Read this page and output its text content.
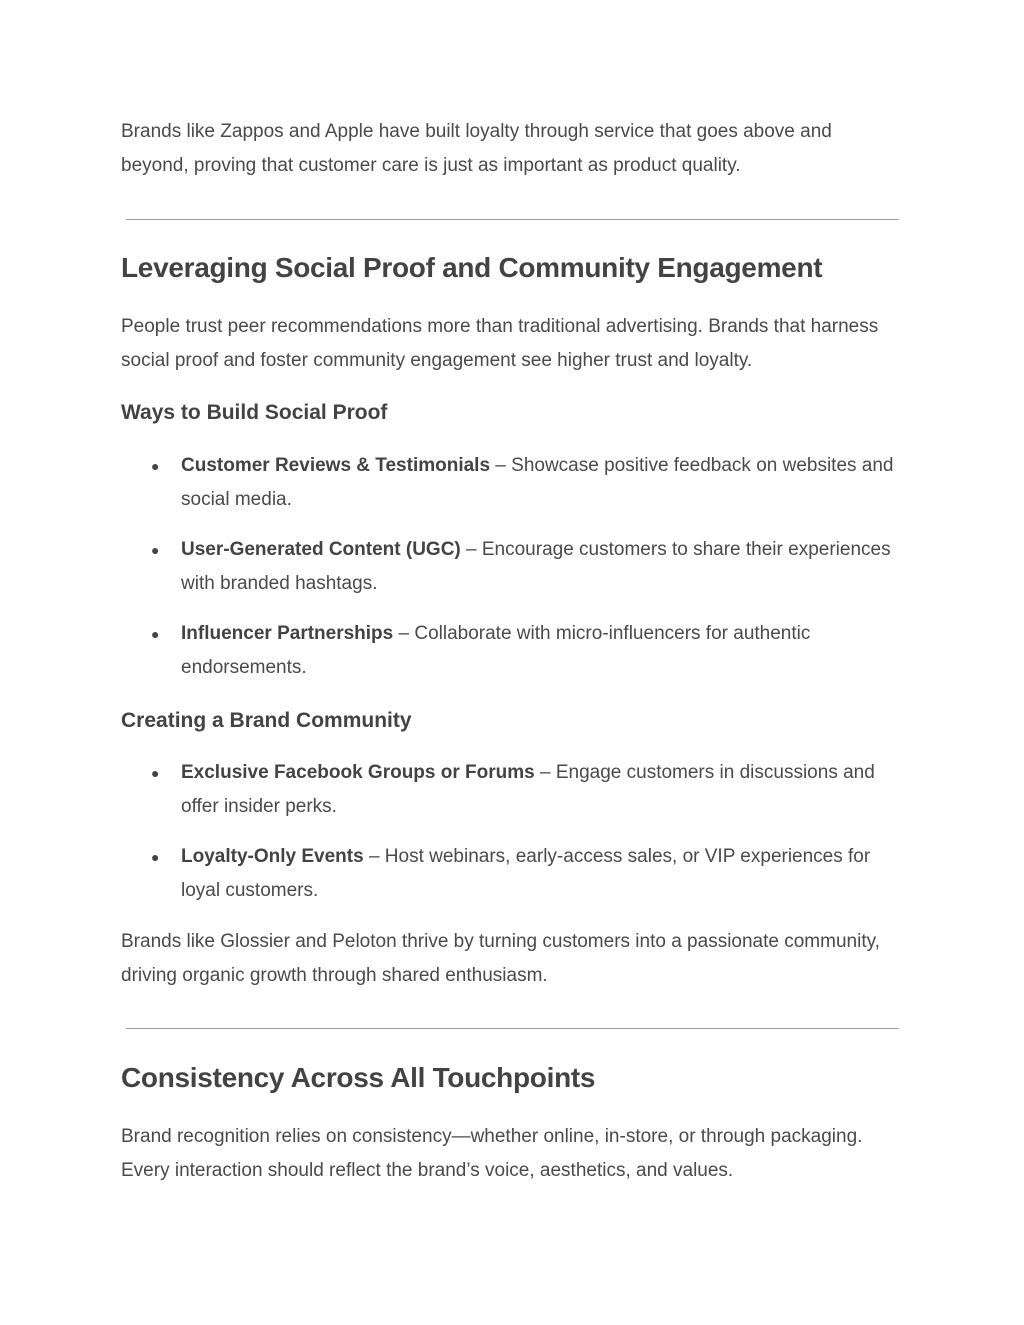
Brands like Zappos and Apple have built loyalty through service that goes above and beyond, proving that customer care is just as important as product quality.

Leveraging Social Proof and Community Engagement

People trust peer recommendations more than traditional advertising. Brands that harness social proof and foster community engagement see higher trust and loyalty.

Ways to Build Social Proof
● Customer Reviews & Testimonials – Showcase positive feedback on websites and social media.
● User-Generated Content (UGC) – Encourage customers to share their experiences with branded hashtags.
● Influencer Partnerships – Collaborate with micro-influencers for authentic endorsements.
Creating a Brand Community
● Exclusive Facebook Groups or Forums – Engage customers in discussions and offer insider perks.
● Loyalty-Only Events – Host webinars, early-access sales, or VIP experiences for loyal customers.

Brands like Glossier and Peloton thrive by turning customers into a passionate community, driving organic growth through shared enthusiasm.

Consistency Across All Touchpoints

Brand recognition relies on consistency—whether online, in-store, or through packaging. Every interaction should reflect the brand’s voice, aesthetics, and values.
